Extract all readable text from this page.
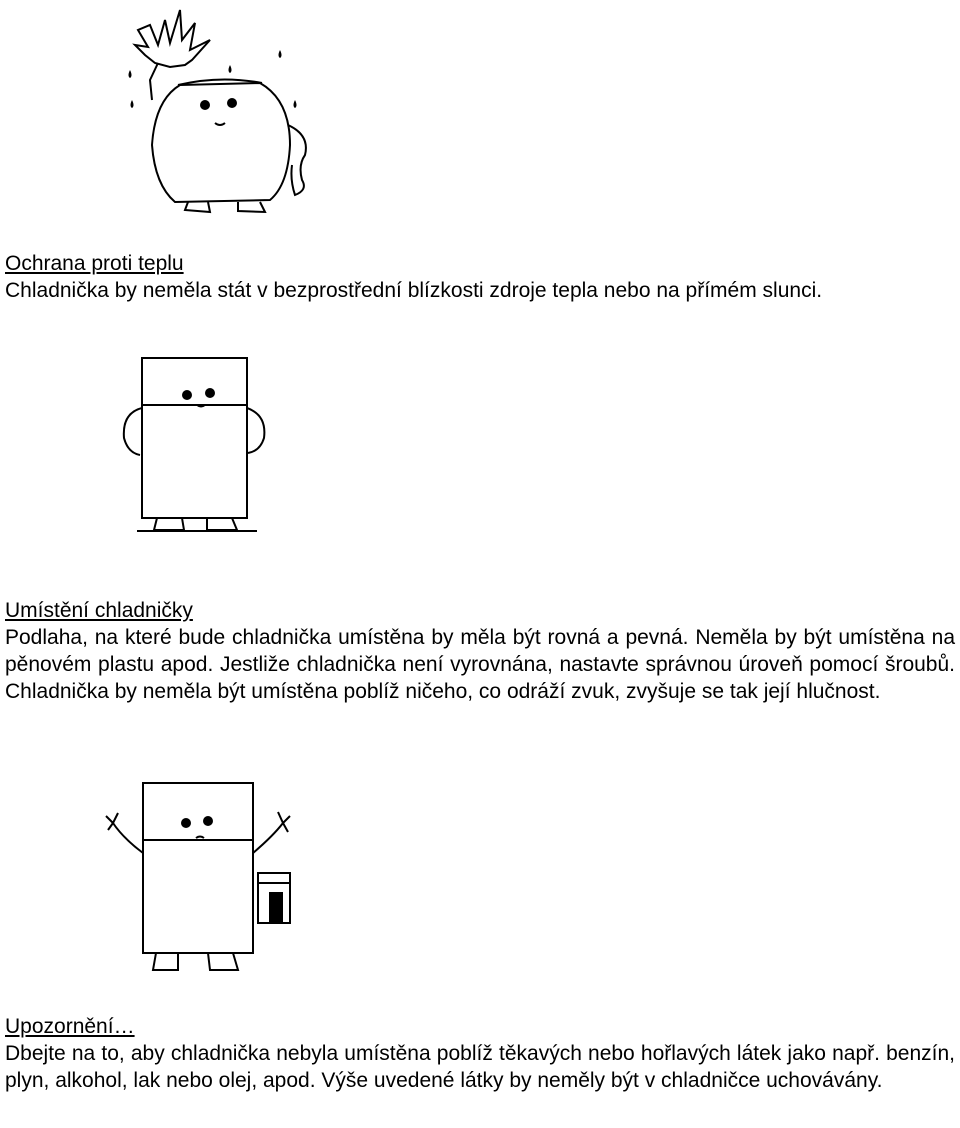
Ochrana proti teplu
Chladnička by neměla stát v bezprostřední blízkosti zdroje tepla nebo na přímém slunci.
Umístění chladničky
Podlaha, na které bude chladnička umístěna by měla být rovná a pevná. Neměla by být umístěna na pěnovém plastu apod. Jestliže chladnička není vyrovnána, nastavte správnou úroveň pomocí šroubů. Chladnička by neměla být umístěna poblíž ničeho, co odráží zvuk, zvyšuje se tak její hlučnost.
Upozornění…
Dbejte na to, aby chladnička nebyla umístěna poblíž těkavých nebo hořlavých látek jako např. benzín, plyn, alkohol, lak nebo olej, apod. Výše uvedené látky by neměly být v chladničce uchovávány.
